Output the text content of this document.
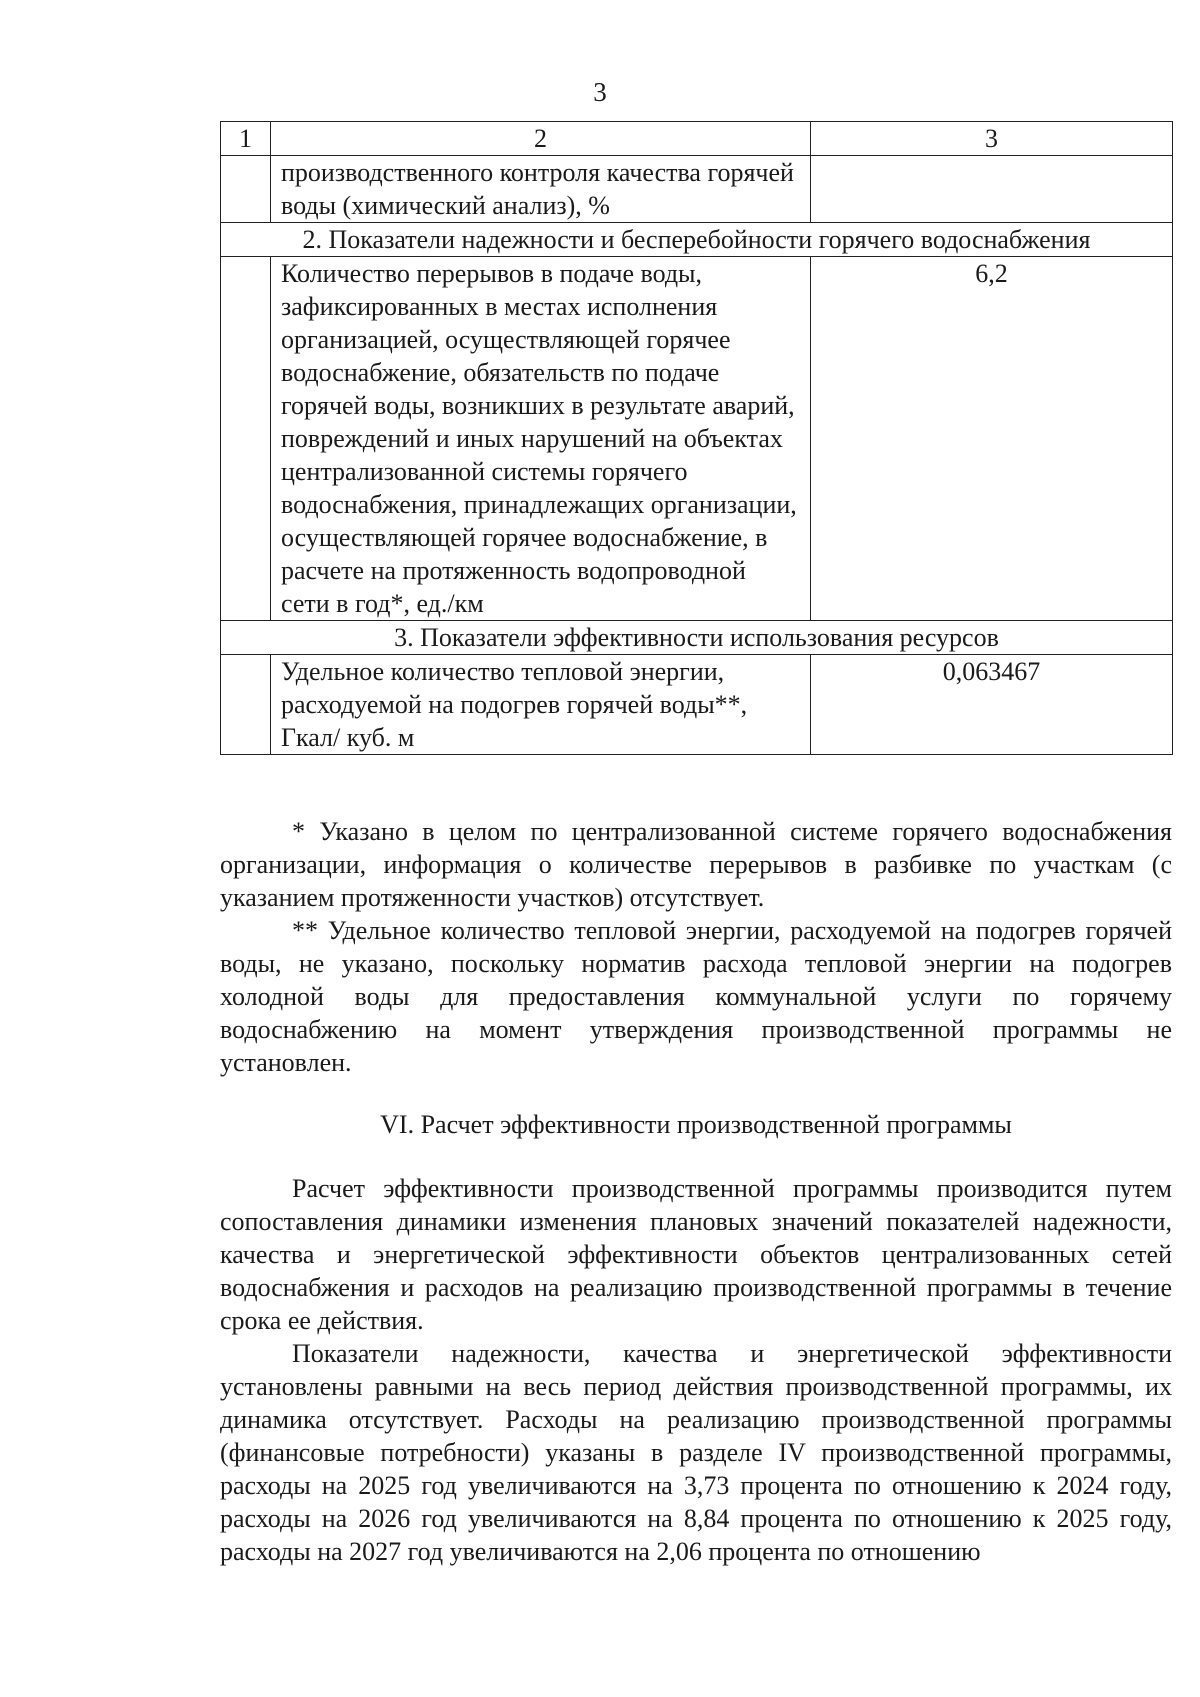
3
1	2	3
	производственного контроля качества горячей воды (химический анализ), %	
2. Показатели надежности и бесперебойности горячего водоснабжения		
	Количество перерывов в подаче воды, зафиксированных в местах исполнения организацией, осуществляющей горячее водоснабжение, обязательств по подаче горячей воды, возникших в результате аварий, повреждений и иных нарушений на объектах централизованной системы горячего водоснабжения, принадлежащих организации, осуществляющей горячее водоснабжение, в расчете на протяженность водопроводной сети в год*, ед./км	6,2
3. Показатели эффективности использования ресурсов		
	Удельное количество тепловой энергии, расходуемой на подогрев горячей воды**, Гкал/ куб. м	0,063467

* Указано в целом по централизованной системе горячего водоснабжения организации, информация о количестве перерывов в разбивке по участкам (с указанием протяженности участков) отсутствует.

** Удельное количество тепловой энергии, расходуемой на подогрев горячей воды, не указано, поскольку норматив расхода тепловой энергии на подогрев холодной воды для предоставления коммунальной услуги по горячему водоснабжению на момент утверждения производственной программы не установлен.

VI. Расчет эффективности производственной программы

Расчет эффективности производственной программы производится путем сопоставления динамики изменения плановых значений показателей надежности, качества и энергетической эффективности объектов централизованных сетей водоснабжения и расходов на реализацию производственной программы в течение срока ее действия.

Показатели надежности, качества и энергетической эффективности установлены равными на весь период действия производственной программы, их динамика отсутствует. Расходы на реализацию производственной программы (финансовые потребности) указаны в разделе IV производственной программы, расходы на 2025 год увеличиваются на 3,73 процента по отношению к 2024 году, расходы на 2026 год увеличиваются на 8,84 процента по отношению к 2025 году, расходы на 2027 год увеличиваются на 2,06 процента по отношению
